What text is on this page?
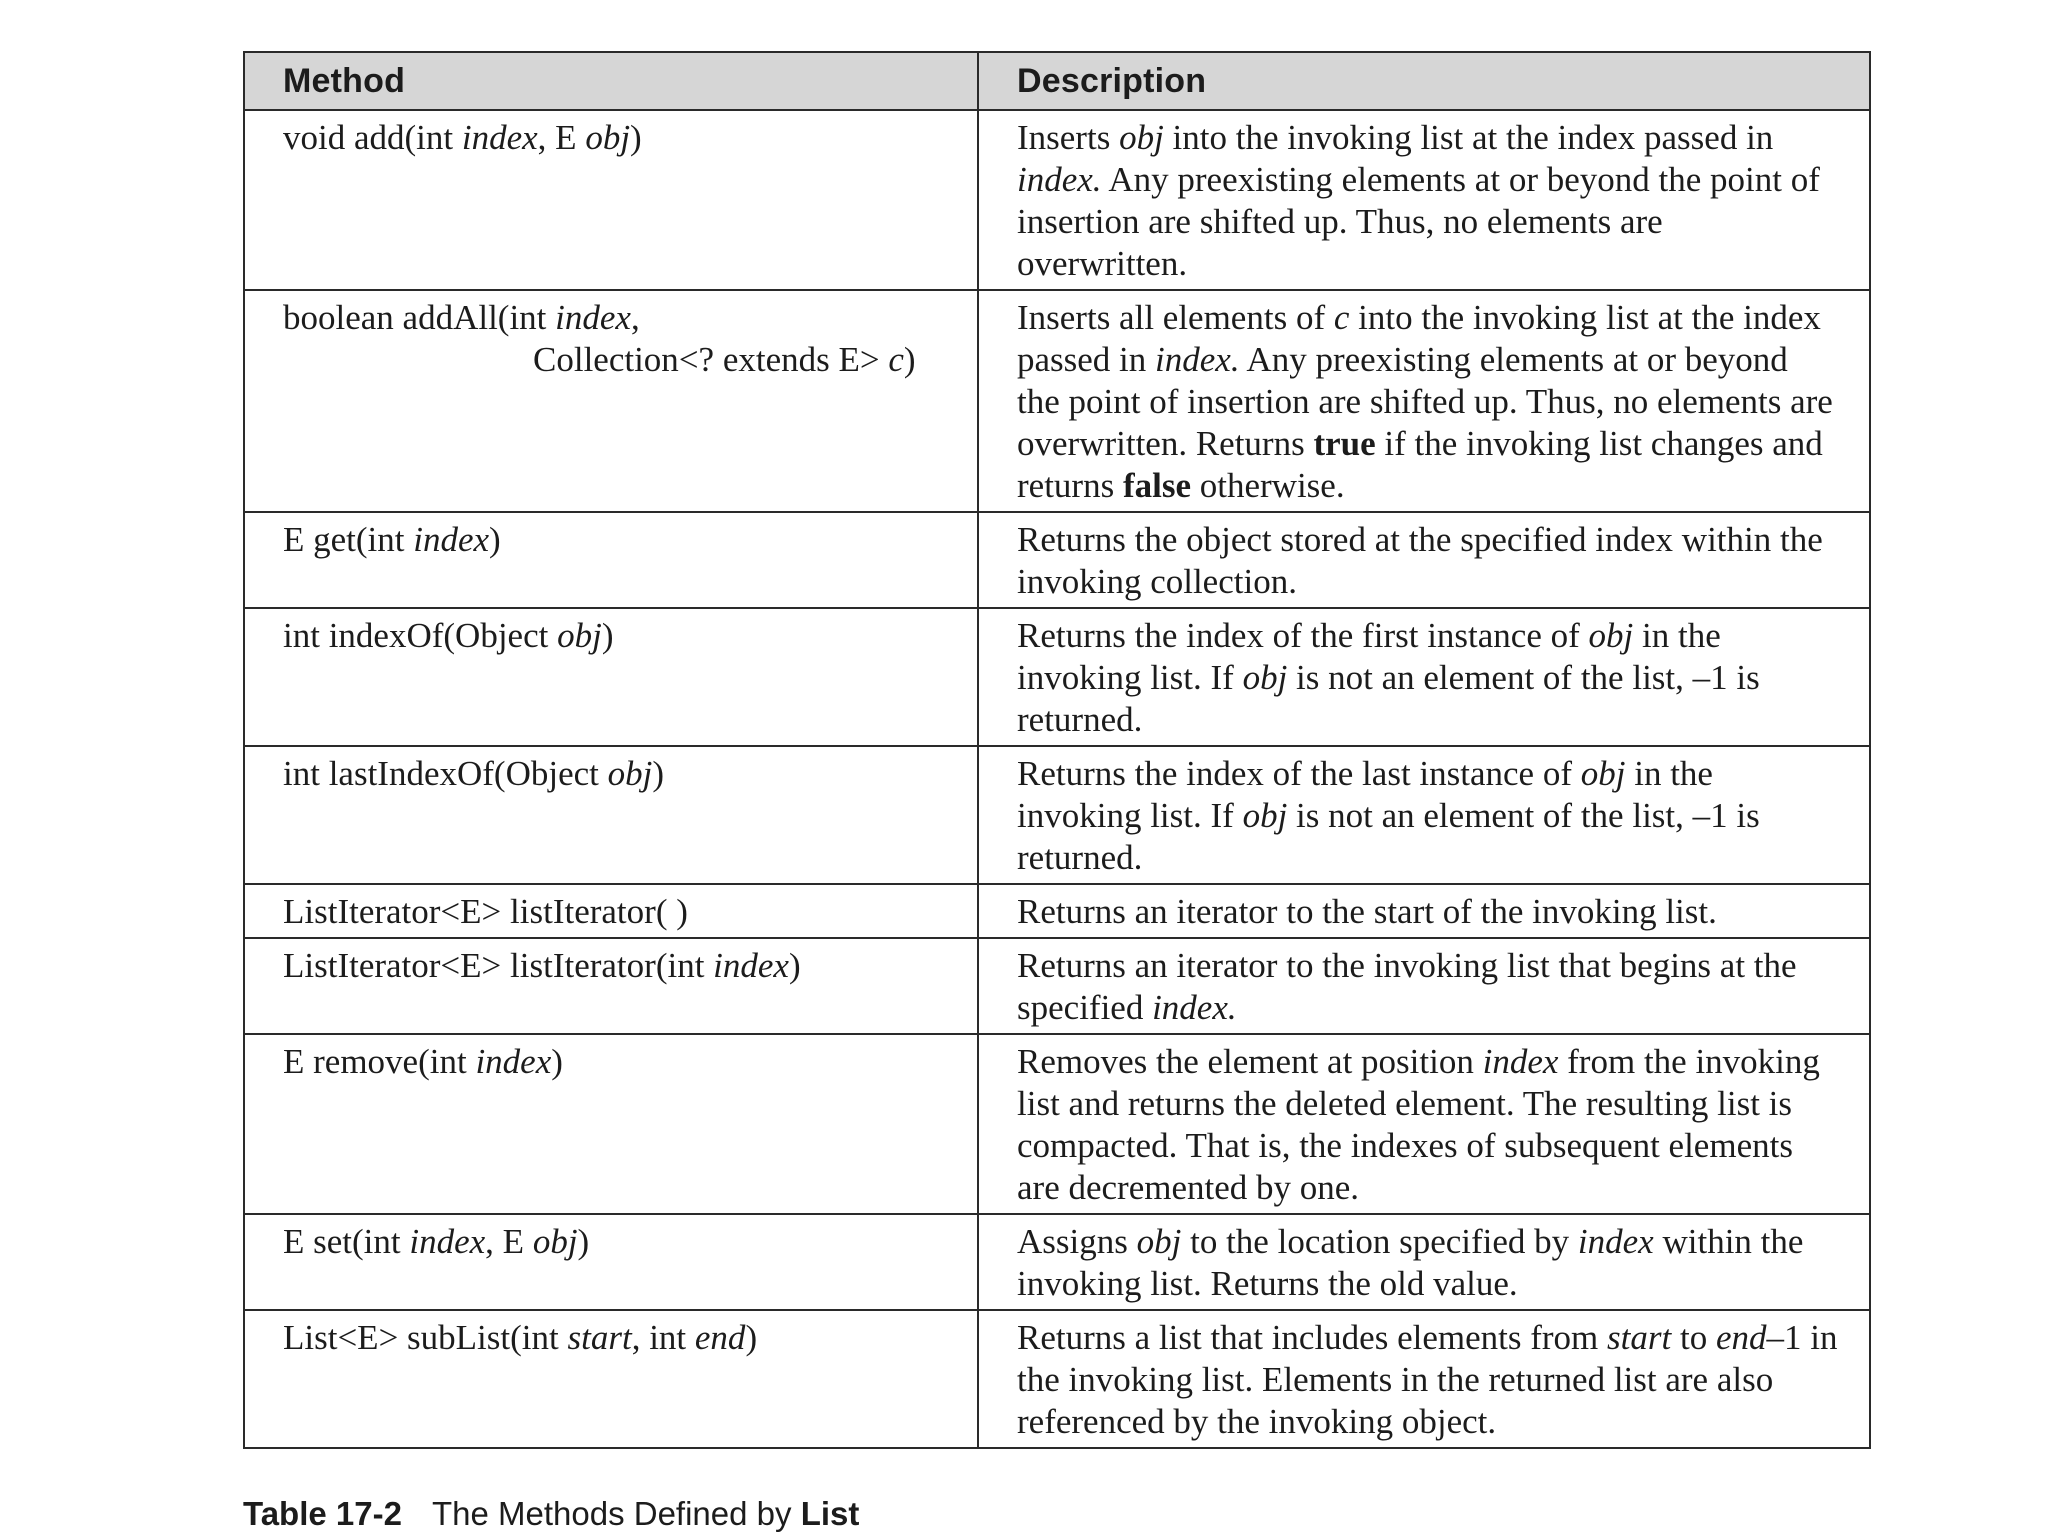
Method	Description
void add(int index, E obj)	Inserts obj into the invoking list at the index passed in index. Any preexisting elements at or beyond the point of insertion are shifted up. Thus, no elements are overwritten.
boolean addAll(int index,
Collection<? extends E> c)	Inserts all elements of c into the invoking list at the index passed in index. Any preexisting elements at or beyond the point of insertion are shifted up. Thus, no elements are overwritten. Returns true if the invoking list changes and returns false otherwise.
E get(int index)	Returns the object stored at the specified index within the invoking collection.
int indexOf(Object obj)	Returns the index of the first instance of obj in the invoking list. If obj is not an element of the list, –1 is returned.
int lastIndexOf(Object obj)	Returns the index of the last instance of obj in the invoking list. If obj is not an element of the list, –1 is returned.
ListIterator<E> listIterator( )	Returns an iterator to the start of the invoking list.
ListIterator<E> listIterator(int index)	Returns an iterator to the invoking list that begins at the specified index.
E remove(int index)	Removes the element at position index from the invoking list and returns the deleted element. The resulting list is compacted. That is, the indexes of subsequent elements are decremented by one.
E set(int index, E obj)	Assigns obj to the location specified by index within the invoking list. Returns the old value.
List<E> subList(int start, int end)	Returns a list that includes elements from start to end–1 in the invoking list. Elements in the returned list are also referenced by the invoking object.
Table 17-2 The Methods Defined by List
